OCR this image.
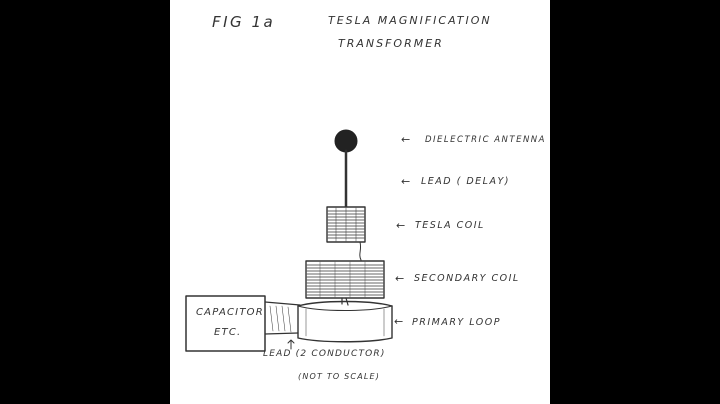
FIG 1a	TESLA MAGNIFICATION
TRANSFORMER
← DIELECTRIC ANTENNA
← LEAD ( DELAY)
← TESLA COIL
← SECONDARY COIL
← PRIMARY LOOP
CAPACITOR
ETC.
LEAD (2 CONDUCTOR)
(NOT TO SCALE)
